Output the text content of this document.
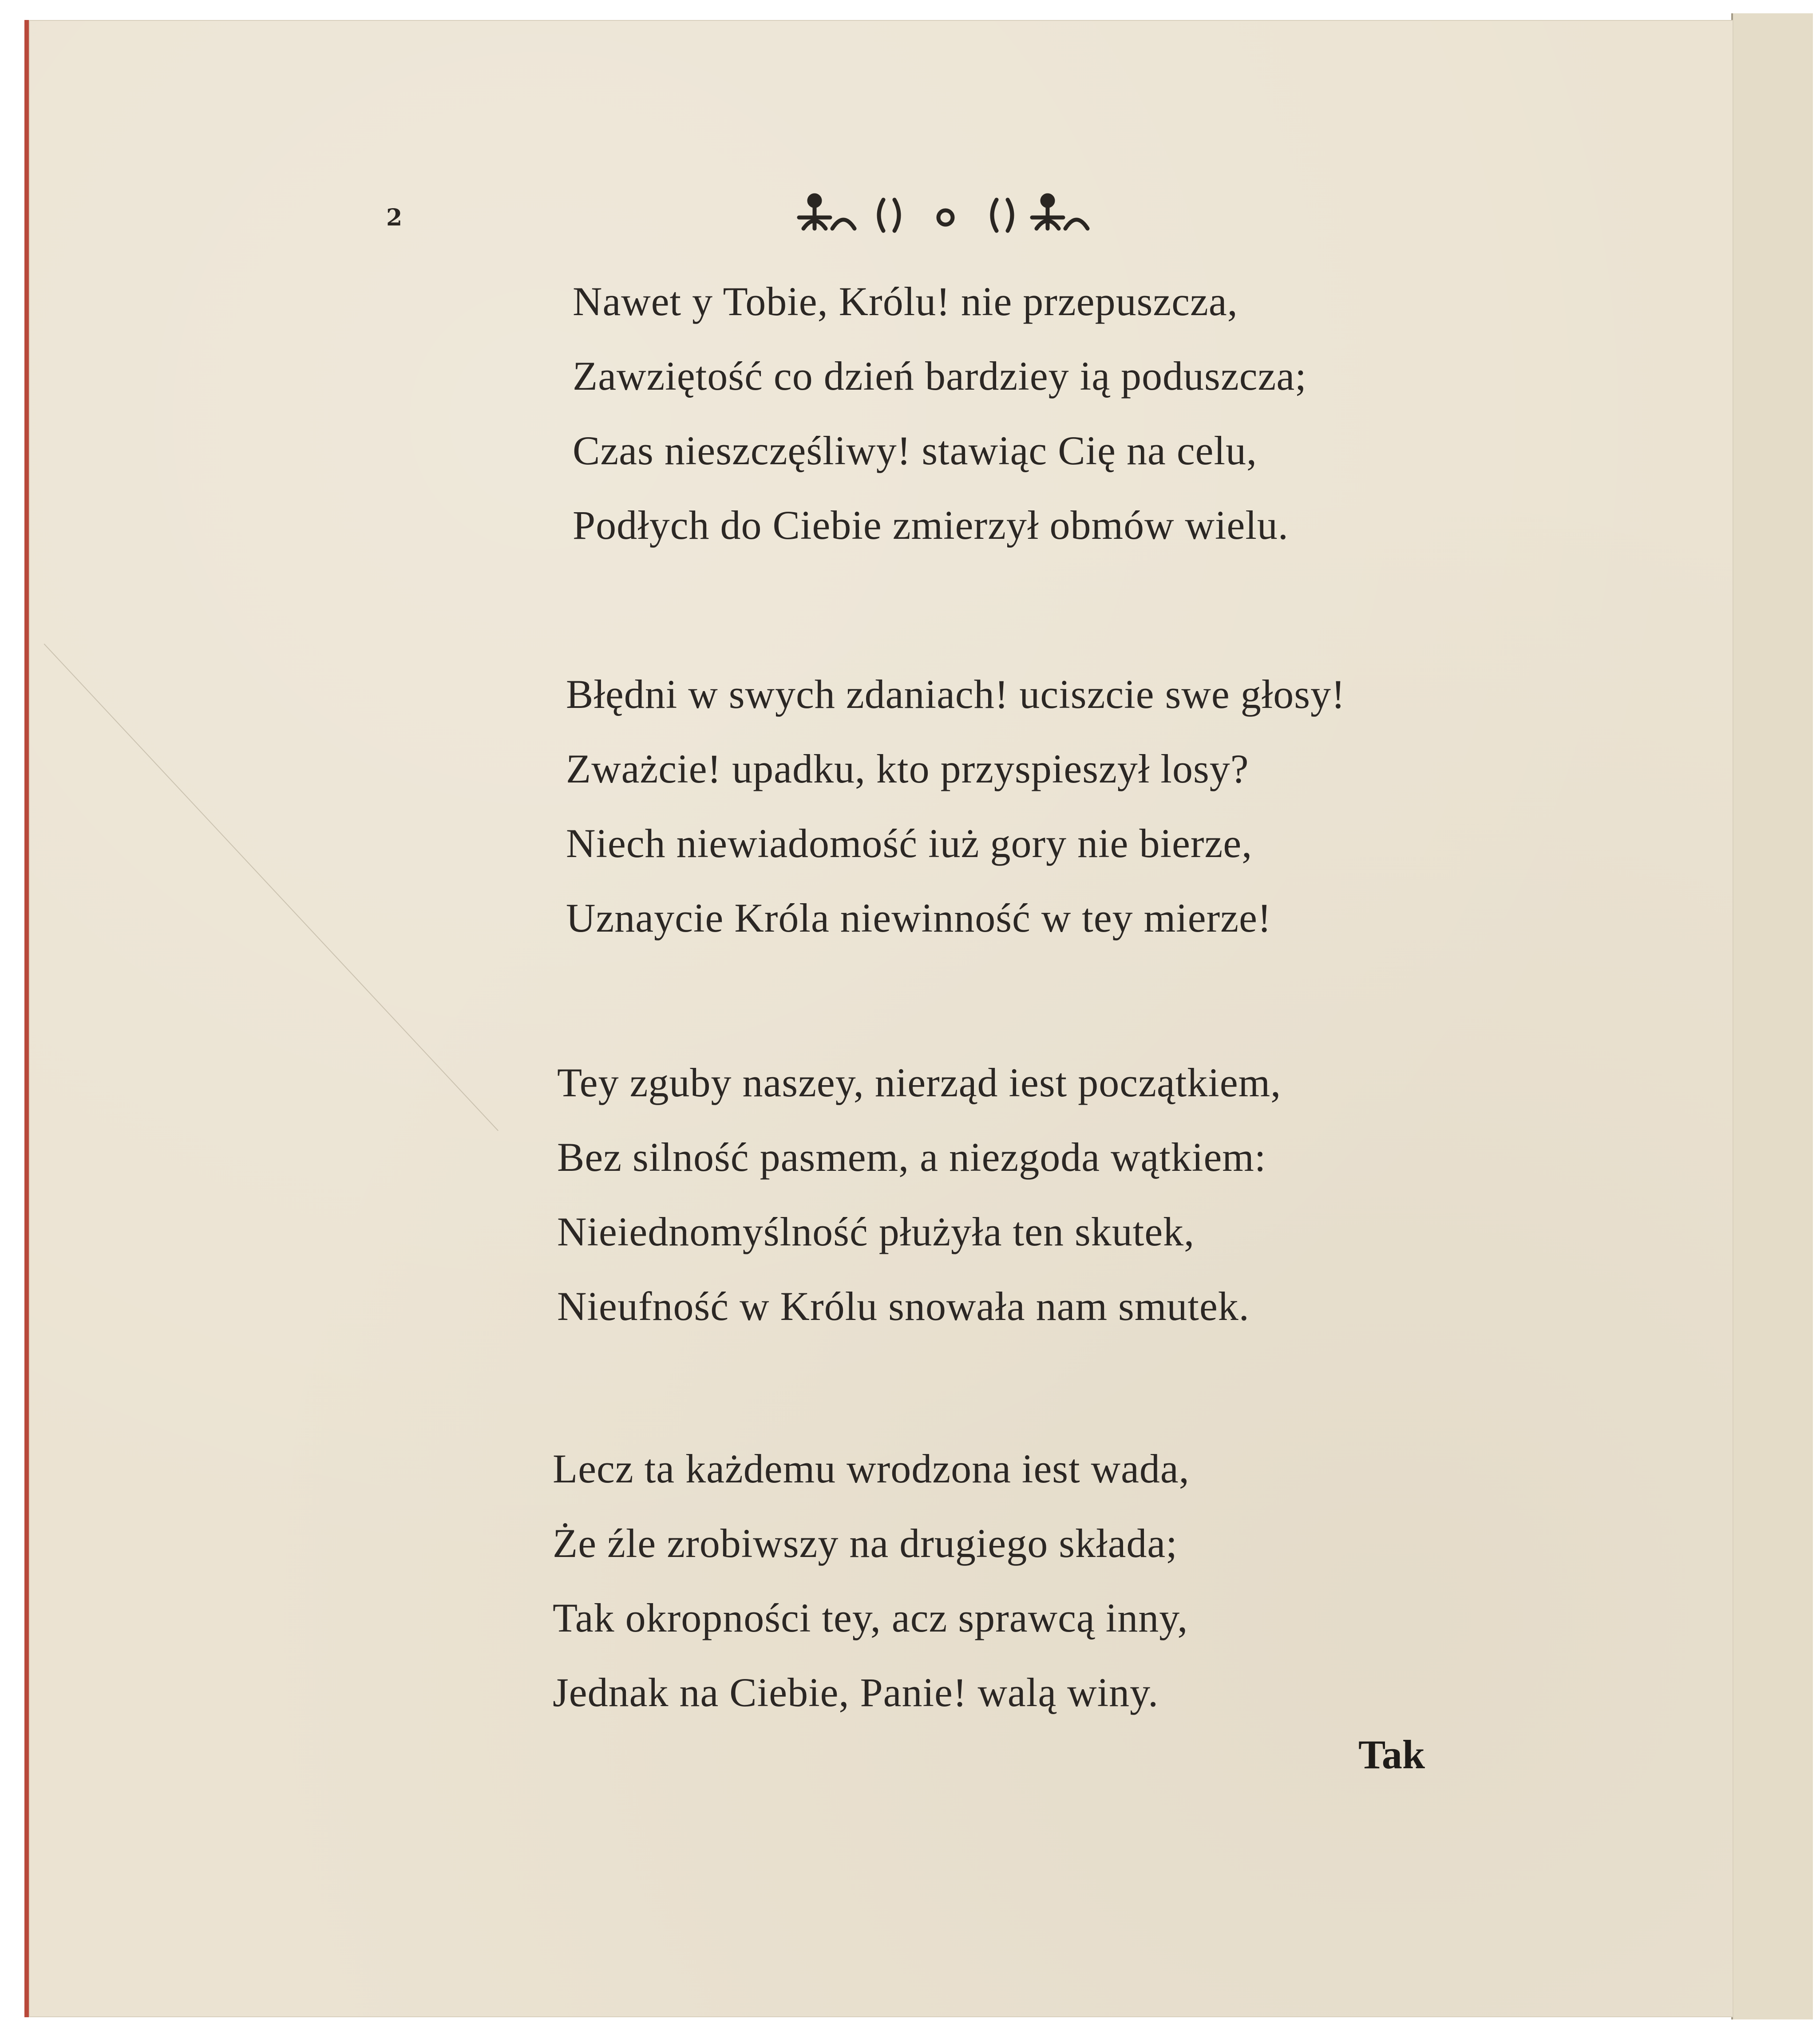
2
Nawet y Tobie, Królu! nie przepuszcza,
Zawziętość co dzień bardziey ią poduszcza;
Czas nieszczęśliwy! stawiąc Cię na celu,
Podłych do Ciebie zmierzył obmów wielu.
Błędni w swych zdaniach! uciszcie swe głosy!
Zważcie! upadku, kto przyspieszył losy?
Niech niewiadomość iuż gory nie bierze,
Uznaycie Króla niewinność w tey mierze!
Tey zguby naszey, nierząd iest początkiem,
Bez silność pasmem, a niezgoda wątkiem:
Nieiednomyślność płużyła ten skutek,
Nieufność w Królu snowała nam smutek.
Lecz ta każdemu wrodzona iest wada,
Że źle zrobiwszy na drugiego składa;
Tak okropności tey, acz sprawcą inny,
Jednak na Ciebie, Panie! walą winy.
Tak
